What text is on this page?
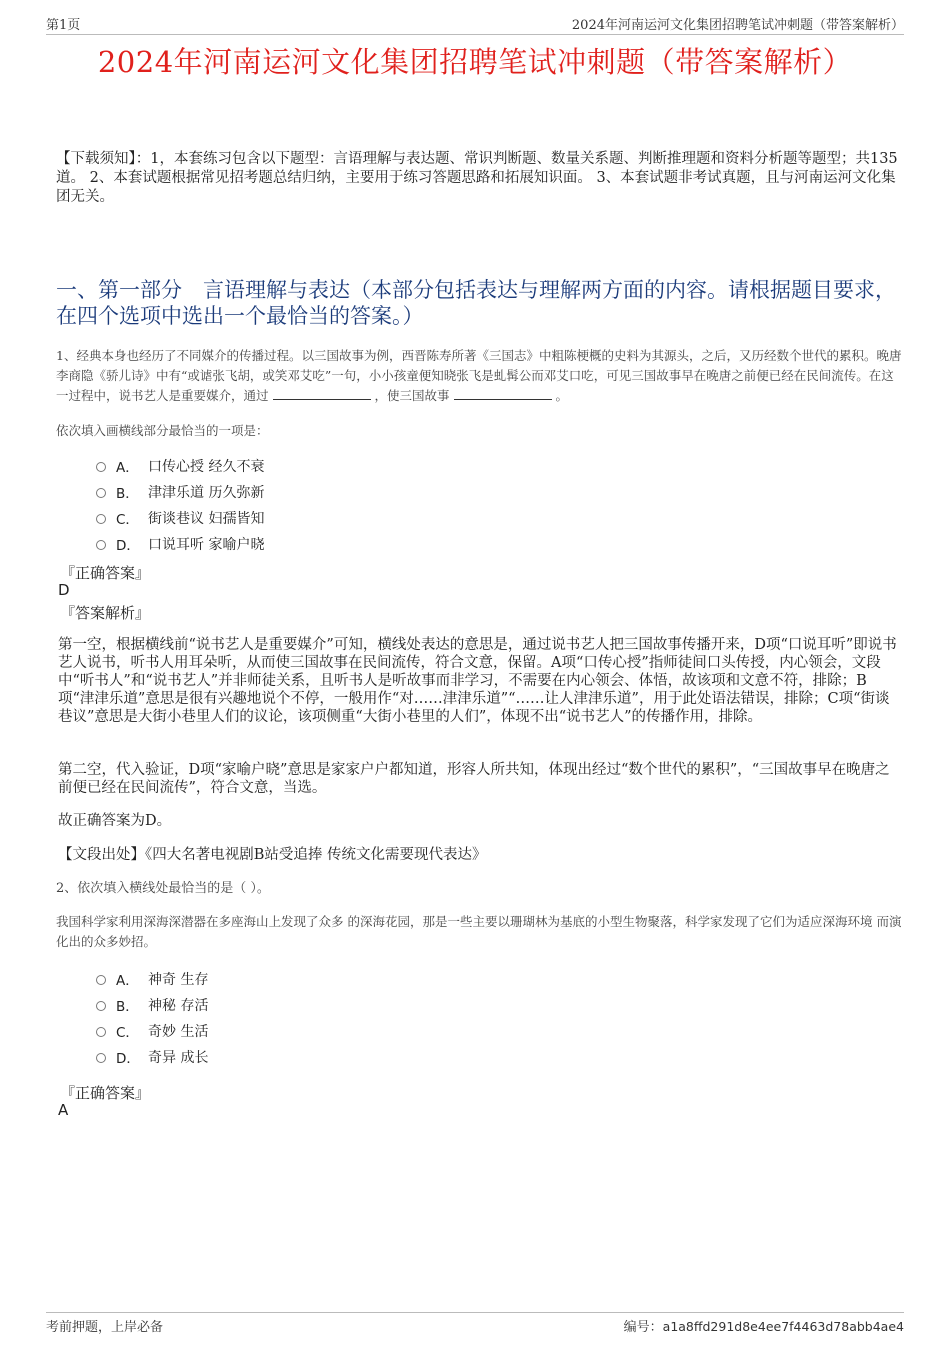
第1页	2024年河南运河文化集团招聘笔试冲刺题（带答案解析）
2024年河南运河文化集团招聘笔试冲刺题（带答案解析）
【下载须知】：1，本套练习包含以下题型：言语理解与表达题、常识判断题、数量关系题、判断推理题和资料分析题等题型；共135道。 2、本套试题根据常见招考题总结归纳，主要用于练习答题思路和拓展知识面。 3、本套试题非考试真题，且与河南运河文化集团无关。
一、第一部分　言语理解与表达（本部分包括表达与理解两方面的内容。请根据题目要求，在四个选项中选出一个最恰当的答案。）
1、经典本身也经历了不同媒介的传播过程。以三国故事为例，西晋陈寿所著《三国志》中粗陈梗概的史料为其源头，之后，又历经数个世代的累积。晚唐李商隐《骄儿诗》中有“或谑张飞胡，或笑邓艾吃”一句，小小孩童便知晓张飞是虬髯公而邓艾口吃，可见三国故事早在晚唐之前便已经在民间流传。在这一过程中，说书艺人是重要媒介，通过	，使三国故事	。
依次填入画横线部分最恰当的一项是：
A． 口传心授 经久不衰
B． 津津乐道 历久弥新
C． 街谈巷议 妇孺皆知
D． 口说耳听 家喻户晓
『正确答案』
D
『答案解析』
第一空，根据横线前“说书艺人是重要媒介”可知，横线处表达的意思是，通过说书艺人把三国故事传播开来，D项“口说耳听”即说书艺人说书，听书人用耳朵听，从而使三国故事在民间流传，符合文意，保留。A项“口传心授”指师徒间口头传授，内心领会，文段中“听书人”和“说书艺人”并非师徒关系，且听书人是听故事而非学习，不需要在内心领会、体悟，故该项和文意不符，排除；B项“津津乐道”意思是很有兴趣地说个不停，一般用作“对……津津乐道”“……让人津津乐道”，用于此处语法错误，排除；C项“街谈巷议”意思是大街小巷里人们的议论，该项侧重“大街小巷里的人们”，体现不出“说书艺人”的传播作用，排除。
第二空，代入验证，D项“家喻户晓”意思是家家户户都知道，形容人所共知，体现出经过“数个世代的累积”，“三国故事早在晚唐之前便已经在民间流传”，符合文意，当选。
故正确答案为D。
【文段出处】《四大名著电视剧B站受追捧 传统文化需要现代表达》
2、依次填入横线处最恰当的是（ ）。
我国科学家利用深海深潜器在多座海山上发现了众多 的深海花园，那是一些主要以珊瑚林为基底的小型生物聚落，科学家发现了它们为适应深海环境 而演化出的众多妙招。
A． 神奇 生存
B． 神秘 存活
C． 奇妙 生活
D． 奇异 成长
『正确答案』
A
考前押题，上岸必备	编号：a1a8ffd291d8e4ee7f4463d78abb4ae4
